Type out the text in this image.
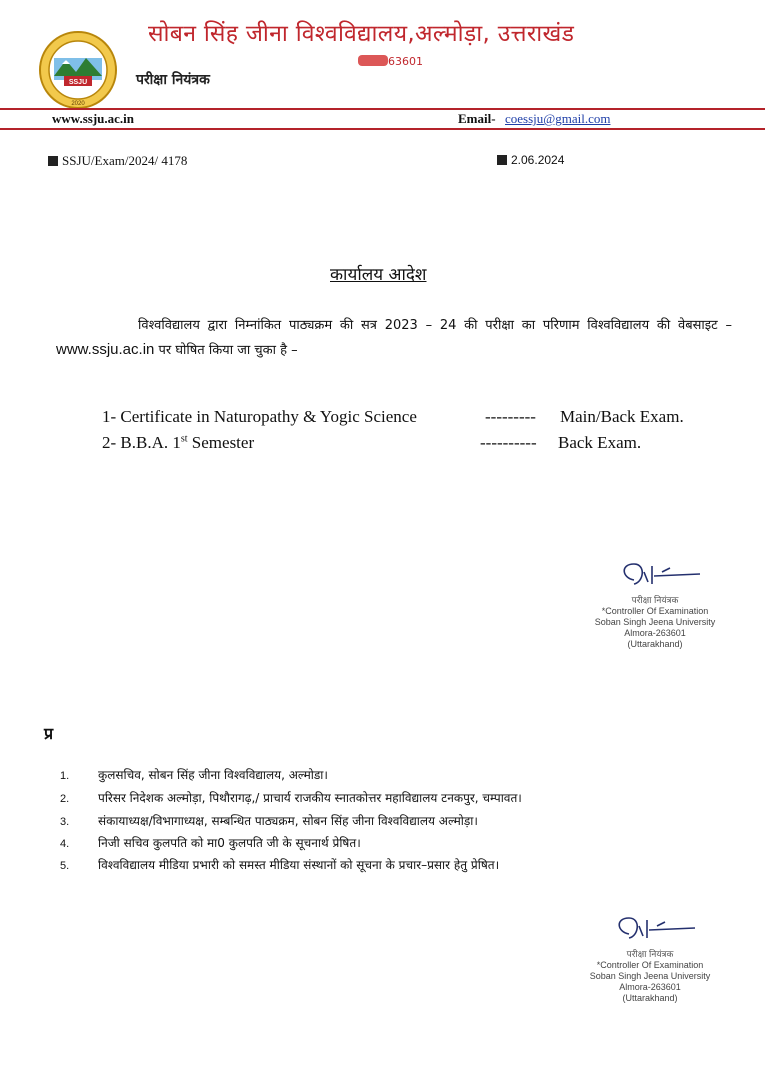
SSJU
2020
सोबन सिंह जीना विश्वविद्यालय,अल्मोड़ा, उत्तराखंड
63601
परीक्षा नियंत्रक
www.ssju.ac.in	Email- coessju@gmail.com
SSJU/Exam/2024/ 4178	2.06.2024
कार्यालय आदेश
विश्वविद्यालय द्वारा निम्नांकित पाठ्यक्रम की सत्र 2023 – 24 की परीक्षा का परिणाम विश्वविद्यालय की वेबसाइट – www.ssju.ac.in पर घोषित किया जा चुका है –
1- Certificate in Naturopathy & Yogic Science	--------- Main/Back Exam.
2- B.B.A. 1st Semester	---------- Back Exam.
परीक्षा नियंत्रक
*Controller Of Examination
Soban Singh Jeena University
Almora-263601
(Uttarakhand)
प्र
1. कुलसचिव, सोबन सिंह जीना विश्वविद्यालय, अल्मोडा।
2. परिसर निदेशक अल्मोड़ा, पिथौरागढ़,/ प्राचार्य राजकीय स्नातकोत्तर महाविद्यालय टनकपुर, चम्पावत।
3. संकायाध्यक्ष/विभागाध्यक्ष, सम्बन्धित पाठ्यक्रम, सोबन सिंह जीना विश्वविद्यालय अल्मोड़ा।
4. निजी सचिव कुलपति को मा0 कुलपति जी के सूचनार्थ प्रेषित।
5. विश्वविद्यालय मीडिया प्रभारी को समस्त मीडिया संस्थानों को सूचना के प्रचार–प्रसार हेतु प्रेषित।
परीक्षा नियंत्रक
*Controller Of Examination
Soban Singh Jeena University
Almora-263601
(Uttarakhand)
